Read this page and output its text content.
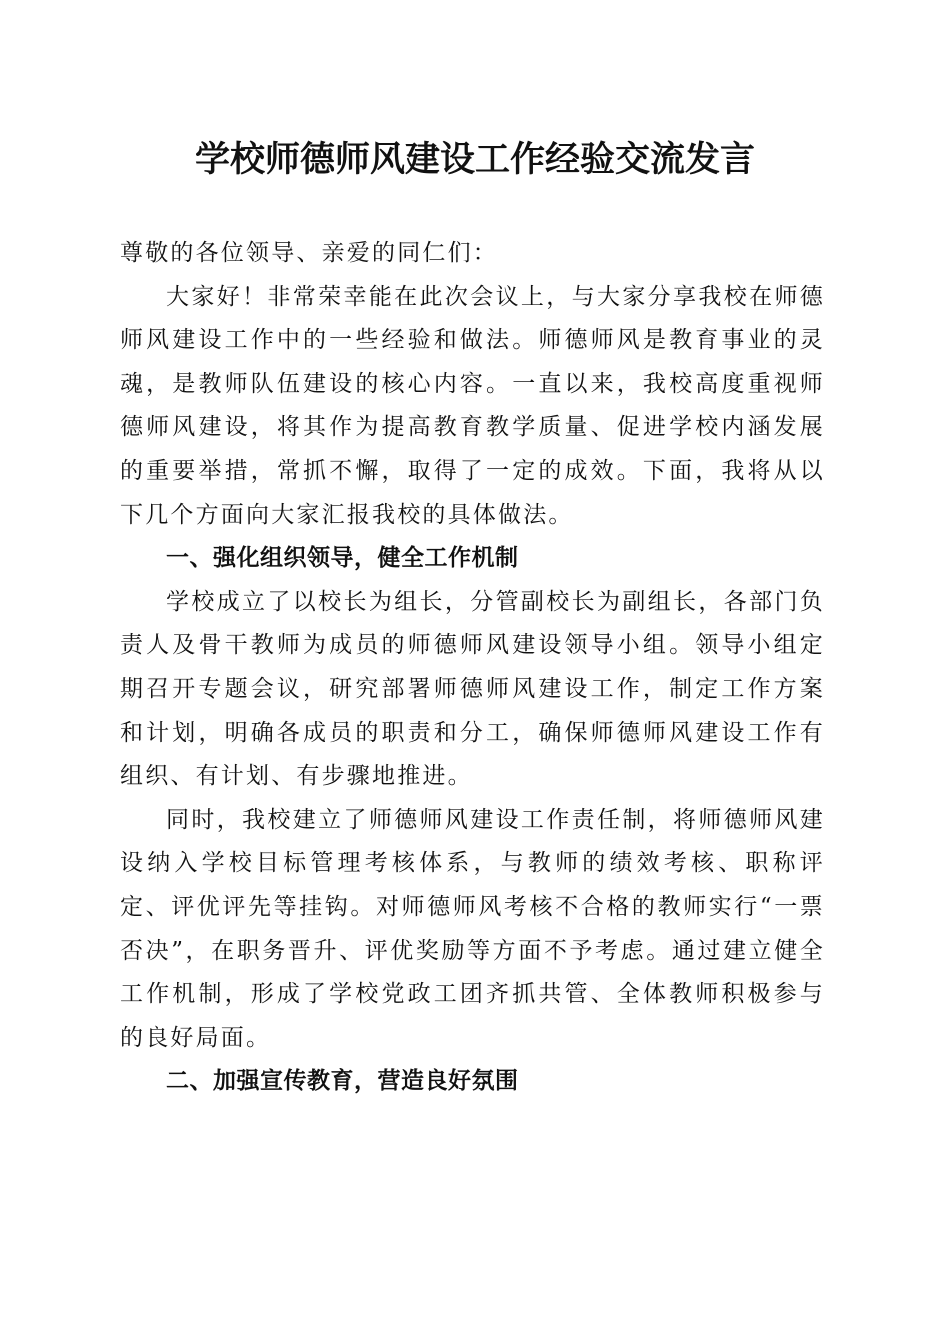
学校师德师风建设工作经验交流发言

尊敬的各位领导、亲爱的同仁们：

大家好！非常荣幸能在此次会议上，与大家分享我校在师德师风建设工作中的一些经验和做法。师德师风是教育事业的灵魂，是教师队伍建设的核心内容。一直以来，我校高度重视师德师风建设，将其作为提高教育教学质量、促进学校内涵发展的重要举措，常抓不懈，取得了一定的成效。下面，我将从以下几个方面向大家汇报我校的具体做法。

一、强化组织领导，健全工作机制

学校成立了以校长为组长，分管副校长为副组长，各部门负责人及骨干教师为成员的师德师风建设领导小组。领导小组定期召开专题会议，研究部署师德师风建设工作，制定工作方案和计划，明确各成员的职责和分工，确保师德师风建设工作有组织、有计划、有步骤地推进。

同时，我校建立了师德师风建设工作责任制，将师德师风建设纳入学校目标管理考核体系，与教师的绩效考核、职称评定、评优评先等挂钩。对师德师风考核不合格的教师实行“一票否决”，在职务晋升、评优奖励等方面不予考虑。通过建立健全工作机制，形成了学校党政工团齐抓共管、全体教师积极参与的良好局面。

二、加强宣传教育，营造良好氛围
